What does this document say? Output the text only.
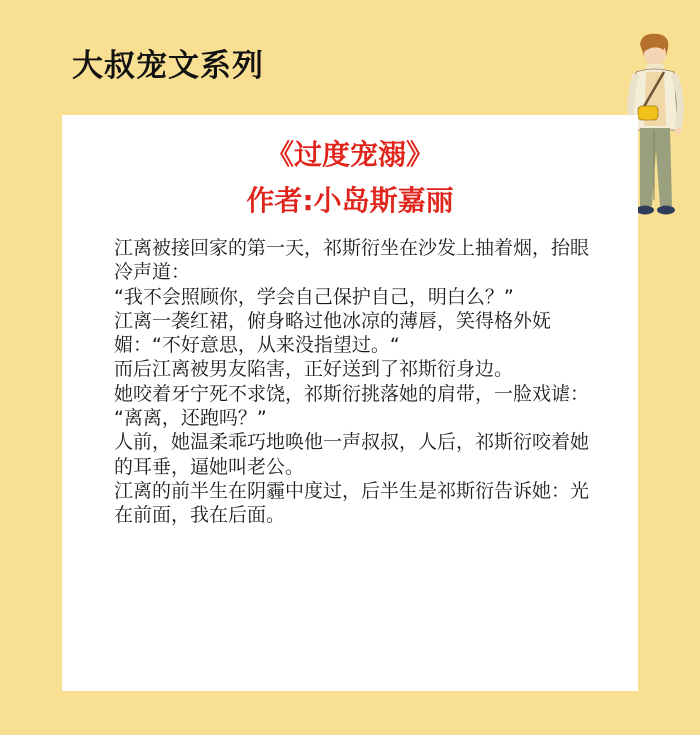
大叔宠文系列
《过度宠溺》
作者:小岛斯嘉丽

江离被接回家的第一天，祁斯衍坐在沙发上抽着烟，抬眼冷声道：

“我不会照顾你，学会自己保护自己，明白么？”

江离一袭红裙，俯身略过他冰凉的薄唇，笑得格外妩媚：“不好意思，从来没指望过。“

而后江离被男友陷害，正好送到了祁斯衍身边。

她咬着牙宁死不求饶，祁斯衍挑落她的肩带，一脸戏谑：

“离离，还跑吗？”

人前，她温柔乖巧地唤他一声叔叔，人后，祁斯衍咬着她的耳垂，逼她叫老公。

江离的前半生在阴霾中度过，后半生是祁斯衍告诉她：光在前面，我在后面。
